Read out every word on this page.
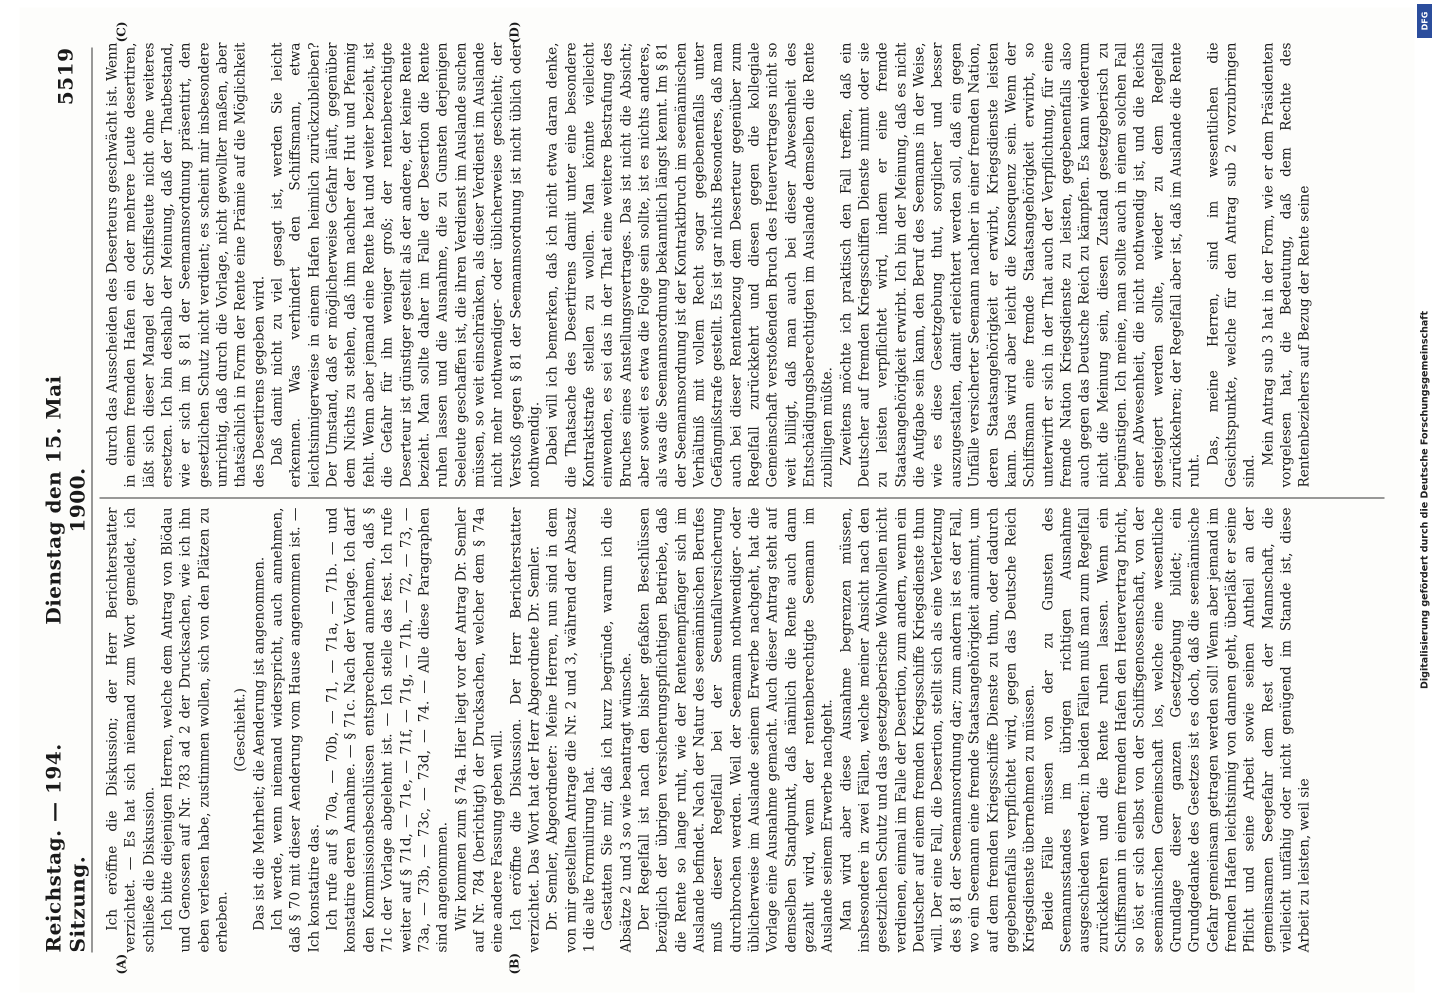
Reichstag. — 194. Sitzung.
Dienstag den 15. Mai 1900.
5519
(A)	(B)
(C)	(D)

Ich eröffne die Diskussion; der Herr Berichterstatter verzichtet. — Es hat sich niemand zum Wort gemeldet, ich schließe die Diskussion. Ich bitte diejenigen Herren, welche dem Antrag von Blödau und Genossen auf Nr. 783 ad 2 der Drucksachen, wie ich ihn eben verlesen habe, zustimmen wollen, sich von den Plätzen zu erheben.

(Geschieht.) Das ist die Mehrheit; die Aenderung ist angenommen. Ich werde, wenn niemand widerspricht, auch annehmen, daß § 70 mit dieser Aenderung vom Hause angenommen ist. — Ich konstatire das. Ich rufe auf § 70a, — 70b, — 71, — 71a, — 71b. — und konstatire deren Annahme. — § 71c. Nach der Vorlage. Ich darf den Kommissionsbeschlüssen entsprechend annehmen, daß § 71c der Vorlage abgelehnt ist. — Ich stelle das fest. Ich rufe weiter auf § 71d, — 71e, — 71f, — 71g, — 71h, — 72, — 73, — 73a, — 73b, — 73c, — 73d, — 74. — Alle diese Paragraphen sind angenommen. Wir kommen zum § 74a. Hier liegt vor der Antrag Dr. Semler auf Nr. 784 (berichtigt) der Drucksachen, welcher dem § 74a eine andere Fassung geben will. Ich eröffne die Diskussion. Der Herr Berichterstatter verzichtet. Das Wort hat der Herr Abgeordnete Dr. Semler. Dr. Semler, Abgeordneter: Meine Herren, nun sind in dem von mir gestellten Antrage die Nr. 2 und 3, während der Absatz 1 die alte Formulirung hat. Gestatten Sie mir, daß ich kurz begründe, warum ich die Absätze 2 und 3 so wie beantragt wünsche. Der Regelfall ist nach den bisher gefaßten Beschlüssen bezüglich der übrigen versicherungspflichtigen Betriebe, daß die Rente so lange ruht, wie der Rentenempfänger sich im Auslande befindet. Nach der Natur des seemännischen Berufes muß dieser Regelfall bei der Seeunfallversicherung durchbrochen werden. Weil der Seemann nothwendiger- oder üblicherweise im Auslande seinem Erwerbe nachgeht, hat die Vorlage eine Ausnahme gemacht. Auch dieser Antrag steht auf demselben Standpunkt, daß nämlich die Rente auch dann gezahlt wird, wenn der rentenberechtigte Seemann im Auslande seinem Erwerbe nachgeht. Man wird aber diese Ausnahme begrenzen müssen, insbesondere in zwei Fällen, welche meiner Ansicht nach den gesetzlichen Schutz und das gesetzgeberische Wohlwollen nicht verdienen, einmal im Falle der Desertion, zum andern, wenn ein Deutscher auf einem fremden Kriegsschiffe Kriegsdienste thun will. Der eine Fall, die Desertion, stellt sich als eine Verletzung des § 81 der Seemannsordnung dar; zum andern ist es der Fall, wo ein Seemann eine fremde Staatsangehörigkeit annimmt, um auf dem fremden Kriegsschiffe Dienste zu thun, oder dadurch gegebenenfalls verpflichtet wird, gegen das Deutsche Reich Kriegsdienste übernehmen zu müssen. Beide Fälle müssen von der zu Gunsten des Seemannsstandes im übrigen richtigen Ausnahme ausgeschieden werden; in beiden Fällen muß man zum Regelfall zurückkehren und die Rente ruhen lassen. Wenn ein Schiffsmann in einem fremden Hafen den Heuervertrag bricht, so löst er sich selbst von der Schiffsgenossenschaft, von der seemännischen Gemeinschaft los, welche eine wesentliche Grundlage dieser ganzen Gesetzgebung bildet; ein Grundgedanke des Gesetzes ist es doch, daß die seemännische Gefahr gemeinsam getragen werden soll! Wenn aber jemand im fremden Hafen leichtsinnig von dannen geht, überläßt er seine Pflicht und seine Arbeit sowie seinen Antheil an der gemeinsamen Seegefahr dem Rest der Mannschaft, die vielleicht unfähig oder nicht genügend im Stande ist, diese Arbeit zu leisten, weil sie

durch das Ausscheiden des Deserteurs geschwächt ist. Wenn in einem fremden Hafen ein oder mehrere Leute desertiren, läßt sich dieser Mangel der Schiffsleute nicht ohne weiteres ersetzen. Ich bin deshalb der Meinung, daß der Thatbestand, wie er sich im § 81 der Seemannsordnung präsentirt, den gesetzlichen Schutz nicht verdient; es scheint mir insbesondere unrichtig, daß durch die Vorlage, nicht gewollter maßen, aber thatsächlich in Form der Rente eine Prämie auf die Möglichkeit des Desertirens gegeben wird. Daß damit nicht zu viel gesagt ist, werden Sie leicht erkennen. Was verhindert den Schiffsmann, etwa leichtsinnigerweise in einem Hafen heimlich zurückzubleiben? Der Umstand, daß er möglicherweise Gefahr läuft, gegenüber dem Nichts zu stehen, daß ihm nachher der Hut und Pfennig fehlt. Wenn aber jemand eine Rente hat und weiter bezieht, ist die Gefahr für ihn weniger groß; der rentenberechtigte Deserteur ist günstiger gestellt als der andere, der keine Rente bezieht. Man sollte daher im Falle der Desertion die Rente ruhen lassen und die Ausnahme, die zu Gunsten derjenigen Seeleute geschaffen ist, die ihren Verdienst im Auslande suchen müssen, so weit einschränken, als dieser Verdienst im Auslande nicht mehr nothwendiger- oder üblicherweise geschieht; der Verstoß gegen § 81 der Seemannsordnung ist nicht üblich oder nothwendig. Dabei will ich bemerken, daß ich nicht etwa daran denke, die Thatsache des Desertirens damit unter eine besondere Kontraktstrafe stellen zu wollen. Man könnte vielleicht einwenden, es sei das in der That eine weitere Bestrafung des Bruches eines Anstellungsvertrages. Das ist nicht die Absicht; aber soweit es etwa die Folge sein sollte, ist es nichts anderes, als was die Seemannsordnung bekanntlich längst kennt. Im § 81 der Seemannsordnung ist der Kontraktbruch im seemännischen Verhältniß mit vollem Recht sogar gegebenenfalls unter Gefängnißstrafe gestellt. Es ist gar nichts Besonderes, daß man auch bei dieser Rentenbezug dem Deserteur gegenüber zum Regelfall zurückkehrt und diesen gegen die kollegiale Gemeinschaft verstoßenden Bruch des Heuervertrages nicht so weit billigt, daß man auch bei dieser Abwesenheit des Entschädigungsberechtigten im Auslande demselben die Rente zubilligen müßte. Zweitens möchte ich praktisch den Fall treffen, daß ein Deutscher auf fremden Kriegsschiffen Dienste nimmt oder sie zu leisten verpflichtet wird, indem er eine fremde Staatsangehörigkeit erwirbt. Ich bin der Meinung, daß es nicht die Aufgabe sein kann, den Beruf des Seemanns in der Weise, wie es diese Gesetzgebung thut, sorglicher und besser auszugestalten, damit erleichtert werden soll, daß ein gegen Unfälle versicherter Seemann nachher in einer fremden Nation, deren Staatsangehörigkeit er erwirbt, Kriegsdienste leisten kann. Das wird aber leicht die Konsequenz sein. Wenn der Schiffsmann eine fremde Staatsangehörigkeit erwirbt, so unterwirft er sich in der That auch der Verpflichtung, für eine fremde Nation Kriegsdienste zu leisten, gegebenenfalls also auch gegen das Deutsche Reich zu kämpfen. Es kann wiederum nicht die Meinung sein, diesen Zustand gesetzgeberisch zu begünstigen. Ich meine, man sollte auch in einem solchen Fall einer Abwesenheit, die nicht nothwendig ist, und die Reichs gesteigert werden sollte, wieder zu dem Regelfall zurückkehren; der Regelfall aber ist, daß im Auslande die Rente ruht.

Das, meine Herren, sind im wesentlichen die Gesichtspunkte, welche für den Antrag sub 2 vorzubringen sind.

Mein Antrag sub 3 hat in der Form, wie er dem Präsidenten vorgelesen hat, die Bedeutung, daß dem Rechte des Rentenbeziehers auf Bezug der Rente seine	Digitalisierung gefördert durch die Deutsche Forschungsgemeinschaft
DFG
